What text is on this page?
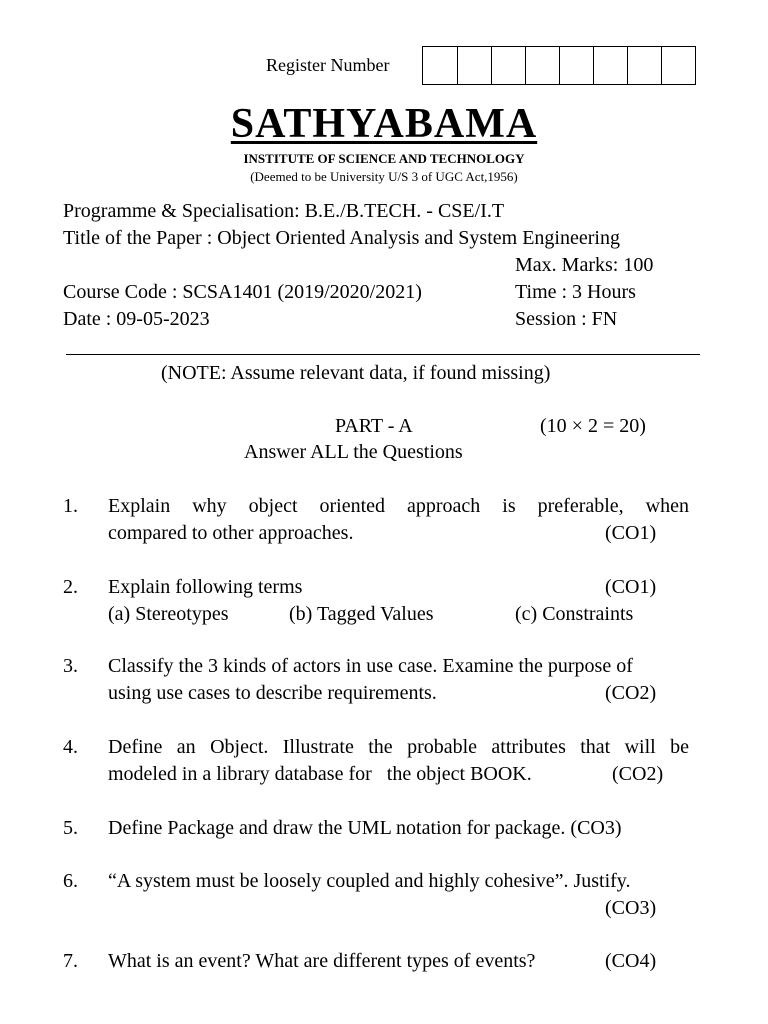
Register Number
SATHYABAMA
INSTITUTE OF SCIENCE AND TECHNOLOGY
(Deemed to be University U/S 3 of UGC Act,1956)
Programme & Specialisation: B.E./B.TECH. - CSE/I.T
Title of the Paper : Object Oriented Analysis and System Engineering
Max. Marks: 100
Course Code : SCSA1401 (2019/2020/2021)	Time : 3 Hours
Date : 09-05-2023	Session : FN
(NOTE: Assume relevant data, if found missing)
PART - A	(10 × 2 = 20)
Answer ALL the Questions
1. Explain why object oriented approach is preferable, when
compared to other approaches.	(CO1)
2. Explain following terms	(CO1)
(a) Stereotypes	(b) Tagged Values	(c) Constraints
3. Classify the 3 kinds of actors in use case. Examine the purpose of
using use cases to describe requirements.	(CO2)
4. Define an Object. Illustrate the probable attributes that will be
modeled in a library database for   the object BOOK.	(CO2)
5. Define Package and draw the UML notation for package. (CO3)
6. “A system must be loosely coupled and highly cohesive”. Justify.
(CO3)
7. What is an event? What are different types of events?	(CO4)
